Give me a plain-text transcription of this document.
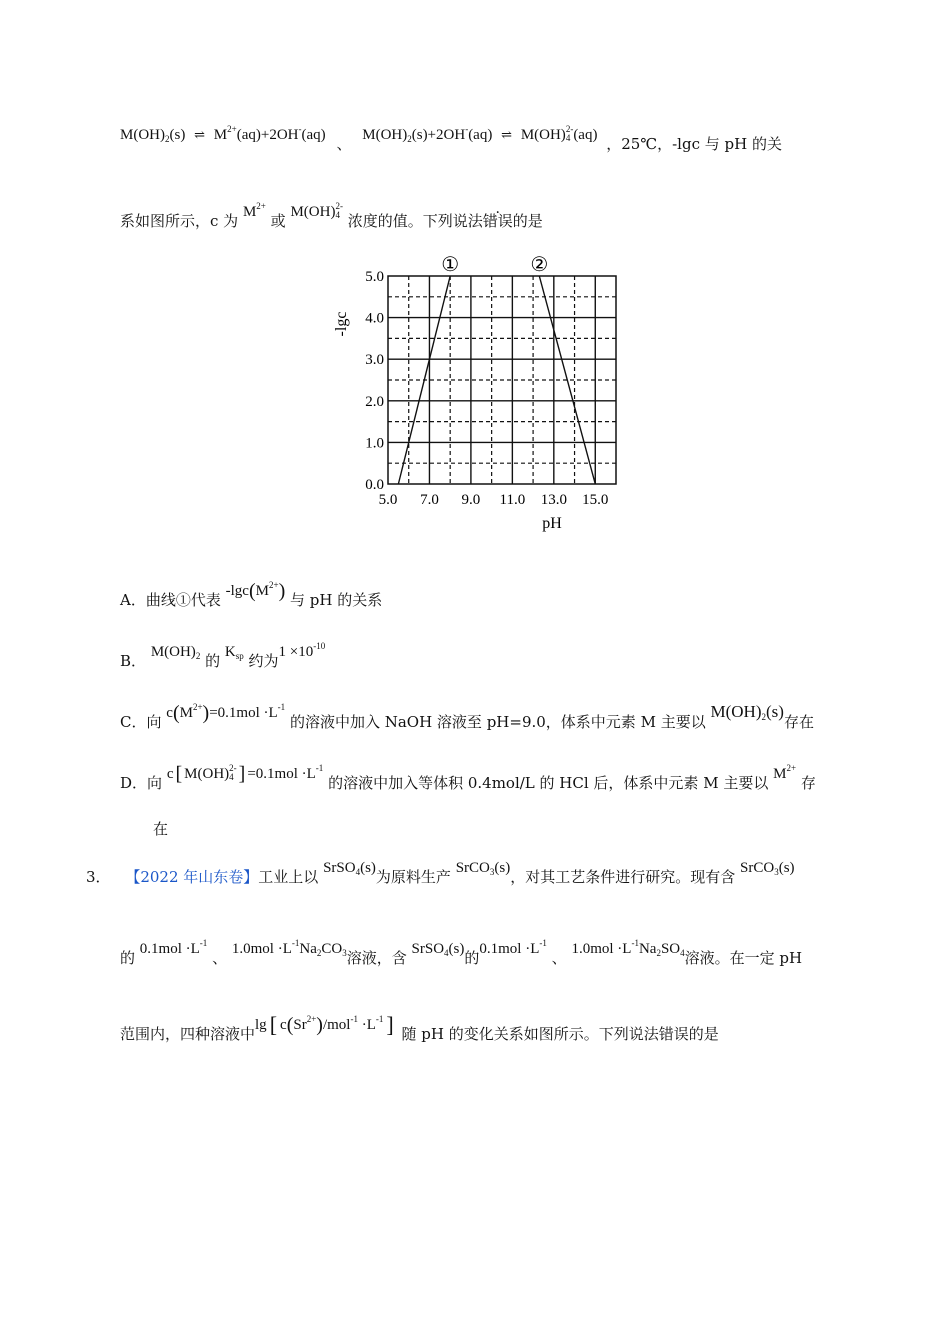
$M(OH)_2(s)$ ⇌ $M^{2+}(aq)+2OH^-(aq)$ 、 $M(OH)_2(s)+2OH^-(aq)$ ⇌ M(OH) 2-
4 (aq) ，25℃，-lgc 与 pH 的关
系如图所示，c 为 $M^{2+}$ 或 M(OH) 2-
4 浓度的值。下列说法错误的是
①	②
5.0 7.0 9.0 11.0 13.0 15.0
0.0
1.0
2.0
3.0
4.0
5.0
-lgc
pH
A．曲线①代表 $-\lg c(M^{2+})$ 与 pH 的关系
B． $M(OH)_2$ 的 $K_{sp}$ 约为$1 \times 10^{-10}$
C．向 $c(M^{2+})=0.1mol \cdot L^{-1}$ 的溶液中加入 NaOH 溶液至 pH=9.0，体系中元素 M 主要以 $M(OH)_2(s)$存在
D．向 c [ M(OH) 2-
4 ] $=0.1mol \cdot L^{-1}$ 的溶液中加入等体积 0.4mol/L 的 HCl 后，体系中元素 M 主要以 $M^{2+}$ 存
在
3． 【2022 年山东卷】工业上以 SrSO$_4$(s)为原料生产 SrCO$_3$(s)，对其工艺条件进行研究。现有含 SrCO$_3$(s)
的 $0.1mol \cdot L^{-1}$ 、 $1.0mol \cdot L^{-1}Na_2CO_3$溶液，含 SrSO$_4$(s)的$0.1mol \cdot L^{-1}$ 、 $1.0mol \cdot L^{-1}Na_2SO_4$溶液。在一定 pH
范围内，四种溶液中lg [ $c(Sr^{2+})/mol^{-1} \cdot L^{-1}$ ] 随 pH 的变化关系如图所示。下列说法错误的是
